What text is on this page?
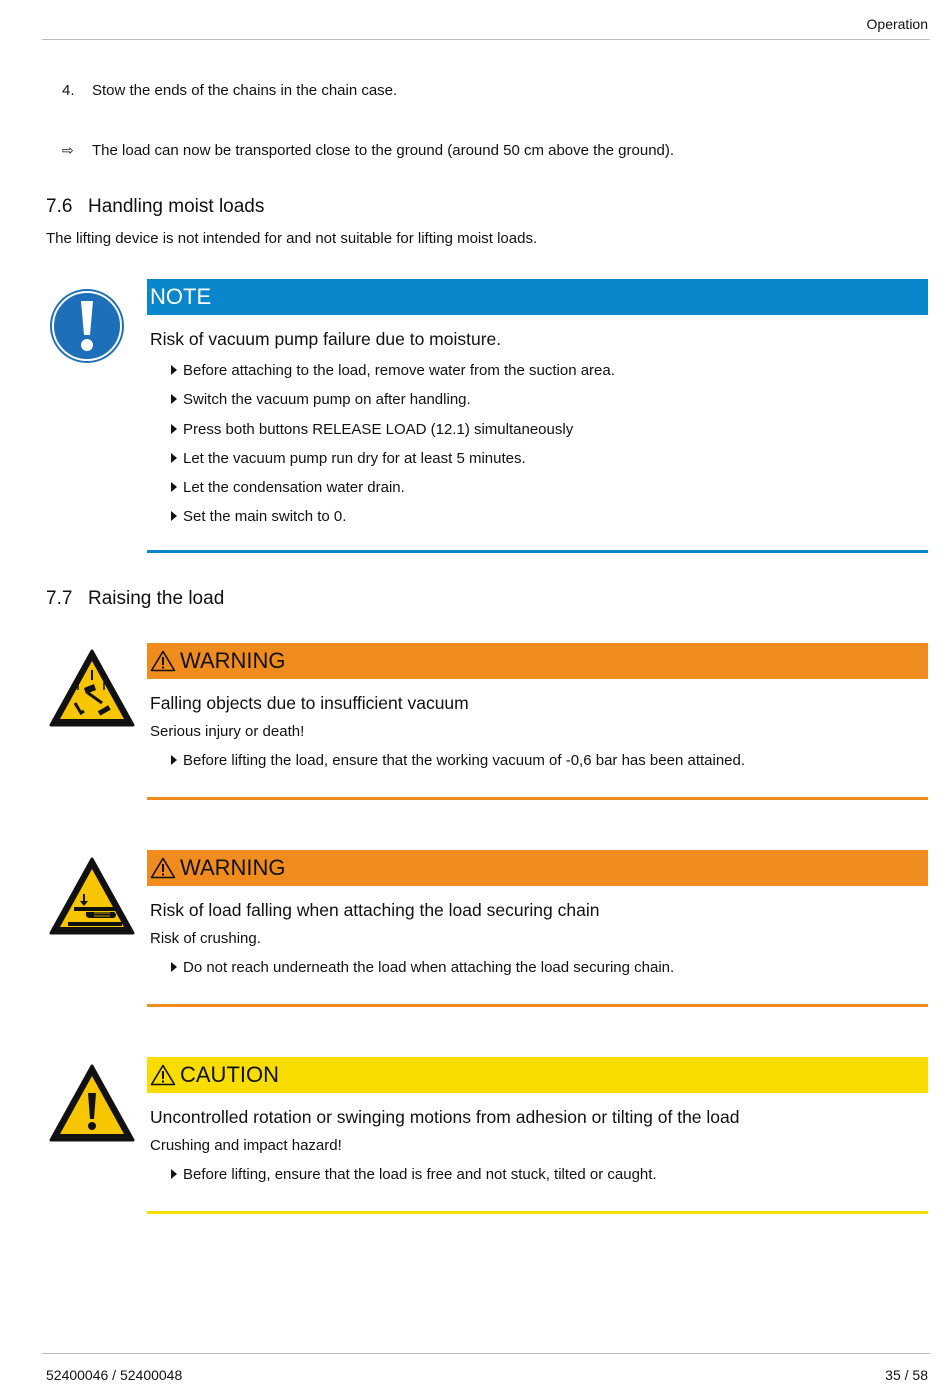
Operation
4. Stow the ends of the chains in the chain case.
⇨ The load can now be transported close to the ground (around 50 cm above the ground).
7.6 Handling moist loads
The lifting device is not intended for and not suitable for lifting moist loads.
NOTE
Risk of vacuum pump failure due to moisture.
Before attaching to the load, remove water from the suction area.
Switch the vacuum pump on after handling.
Press both buttons RELEASE LOAD (12.1) simultaneously
Let the vacuum pump run dry for at least 5 minutes.
Let the condensation water drain.
Set the main switch to 0.
7.7 Raising the load
WARNING
Falling objects due to insufficient vacuum
Serious injury or death!
Before lifting the load, ensure that the working vacuum of -0,6 bar has been attained.
WARNING
Risk of load falling when attaching the load securing chain
Risk of crushing.
Do not reach underneath the load when attaching the load securing chain.
CAUTION
Uncontrolled rotation or swinging motions from adhesion or tilting of the load
Crushing and impact hazard!
Before lifting, ensure that the load is free and not stuck, tilted or caught.
52400046 / 52400048	35 / 58
